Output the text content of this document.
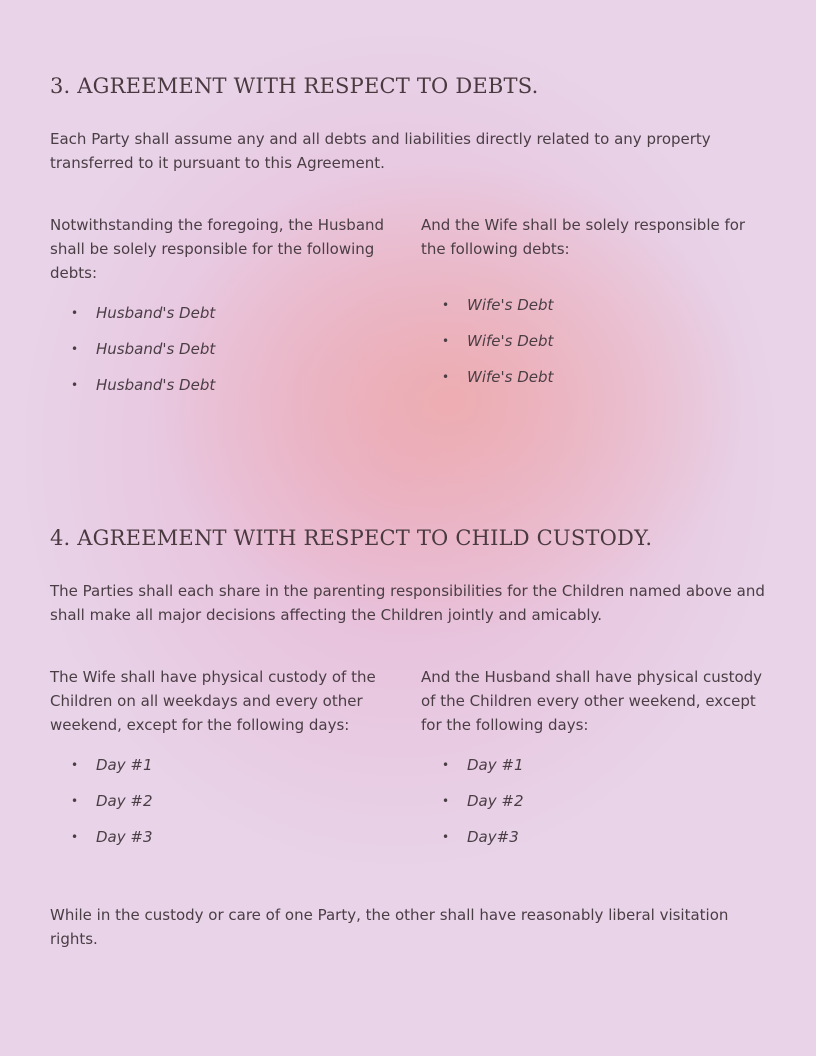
3. AGREEMENT WITH RESPECT TO DEBTS.

Each Party shall assume any and all debts and liabilities directly related to any property transferred to it pursuant to this Agreement.

Notwithstanding the foregoing, the Husband shall be solely responsible for the following debts:

• Husband's Debt
• Husband's Debt
• Husband's Debt

And the Wife shall be solely responsible for the following debts:

• Wife's Debt
• Wife's Debt
• Wife's Debt
4. AGREEMENT WITH RESPECT TO CHILD CUSTODY.

The Parties shall each share in the parenting responsibilities for the Children named above and shall make all major decisions affecting the Children jointly and amicably.

The Wife shall have physical custody of the Children on all weekdays and every other weekend, except for the following days:

• Day #1
• Day #2
• Day #3

And the Husband shall have physical custody of the Children every other weekend, except for the following days:

• Day #1
• Day #2
• Day#3

While in the custody or care of one Party, the other shall have reasonably liberal visitation rights.
